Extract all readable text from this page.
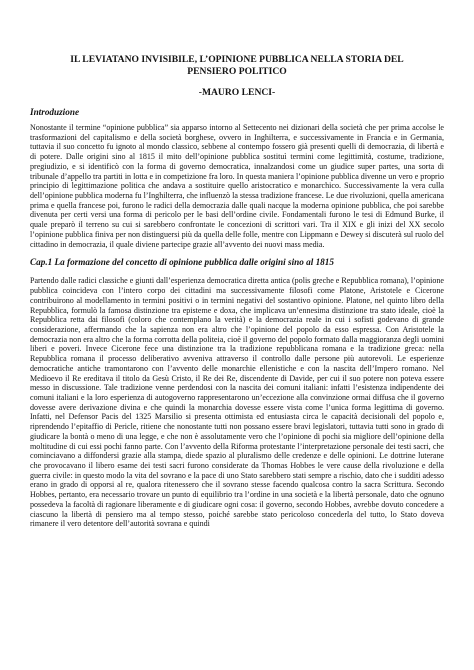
IL LEVIATANO INVISIBILE, L’OPINIONE PUBBLICA NELLA STORIA DEL PENSIERO POLITICO
-MAURO LENCI-
Introduzione

Nonostante il termine “opinione pubblica” sia apparso intorno al Settecento nei dizionari della società che per prima accolse le trasformazioni del capitalismo e della società borghese, ovvero in Inghilterra, e successivamente in Francia e in Germania, tuttavia il suo concetto fu ignoto al mondo classico, sebbene al contempo fossero già presenti quelli di democrazia, di libertà e di potere. Dalle origini sino al 1815 il mito dell’opinione pubblica sostituì termini come legittimità, costume, tradizione, pregiudizio, e si identificò con la forma di governo democratica, innalzandosi come un giudice super partes, una sorta di tribunale d’appello tra partiti in lotta e in competizione fra loro. In questa maniera l’opinione pubblica divenne un vero e proprio principio di legittimazione politica che andava a sostituire quello aristocratico e monarchico. Successivamente la vera culla dell’opinione pubblica moderna fu l’Inghilterra, che influenzò la stessa tradizione francese. Le due rivoluzioni, quella americana prima e quella francese poi, furono le radici della democrazia dalle quali nacque la moderna opinione pubblica, che poi sarebbe divenuta per certi versi una forma di pericolo per le basi dell’ordine civile. Fondamentali furono le tesi di Edmund Burke, il quale preparò il terreno su cui si sarebbero confrontate le concezioni di scrittori vari. Tra il XIX e gli inizi del XX secolo l’opinione pubblica finiva per non distinguersi più da quella delle folle, mentre con Lippmann e Dewey si discuterà sul ruolo del cittadino in democrazia, il quale diviene partecipe grazie all’avvento dei nuovi mass media.

Cap.1 La formazione del concetto di opinione pubblica dalle origini sino al 1815

Partendo dalle radici classiche e giunti dall’esperienza democratica diretta antica (polis greche e Repubblica romana), l’opinione pubblica coincideva con l’intero corpo dei cittadini ma successivamente filosofi come Platone, Aristotele e Cicerone contribuirono al modellamento in termini positivi o in termini negativi del sostantivo opinione. Platone, nel quinto libro della Repubblica, formulò la famosa distinzione tra episteme e doxa, che implicava un’ennesima distinzione tra stato ideale, cioè la Repubblica retta dai filosofi (coloro che contemplano la verità) e la democrazia reale in cui i sofisti godevano di grande considerazione, affermando che la sapienza non era altro che l’opinione del popolo da esso espressa. Con Aristotele la democrazia non era altro che la forma corrotta della politeia, cioè il governo del popolo formato dalla maggioranza degli uomini liberi e poveri. Invece Cicerone fece una distinzione tra la tradizione repubblicana romana e la tradizione greca: nella Repubblica romana il processo deliberativo avveniva attraverso il controllo dalle persone più autorevoli. Le esperienze democratiche antiche tramontarono con l’avvento delle monarchie ellenistiche e con la nascita dell’Impero romano. Nel Medioevo il Re ereditava il titolo da Gesù Cristo, il Re dei Re, discendente di Davide, per cui il suo potere non poteva essere messo in discussione. Tale tradizione venne perdendosi con la nascita dei comuni italiani: infatti l’esistenza indipendente dei comuni italiani e la loro esperienza di autogoverno rappresentarono un’eccezione alla convinzione ormai diffusa che il governo dovesse avere derivazione divina e che quindi la monarchia dovesse essere vista come l’unica forma legittima di governo. Infatti, nel Defensor Pacis del 1325 Marsilio si presenta ottimista ed entusiasta circa le capacità decisionali del popolo e, riprendendo l’epitaffio di Pericle, ritiene che nonostante tutti non possano essere bravi legislatori, tuttavia tutti sono in grado di giudicare la bontà o meno di una legge, e che non è assolutamente vero che l’opinione di pochi sia migliore dell’opinione della moltitudine di cui essi pochi fanno parte. Con l’avvento della Riforma protestante l’interpretazione personale dei testi sacri, che cominciavano a diffondersi grazie alla stampa, diede spazio al pluralismo delle credenze e delle opinioni. Le dottrine luterane che provocavano il libero esame dei testi sacri furono considerate da Thomas Hobbes le vere cause della rivoluzione e della guerra civile: in questo modo la vita del sovrano e la pace di uno Stato sarebbero stati sempre a rischio, dato che i sudditi adesso erano in grado di opporsi al re, qualora ritenessero che il sovrano stesse facendo qualcosa contro la sacra Scrittura. Secondo Hobbes, pertanto, era necessario trovare un punto di equilibrio tra l’ordine in una società e la libertà personale, dato che ognuno possedeva la facoltà di ragionare liberamente e di giudicare ogni cosa: il governo, secondo Hobbes, avrebbe dovuto concedere a ciascuno la libertà di pensiero ma al tempo stesso, poiché sarebbe stato pericoloso concederla del tutto, lo Stato doveva rimanere il vero detentore dell’autorità sovrana e quindi
